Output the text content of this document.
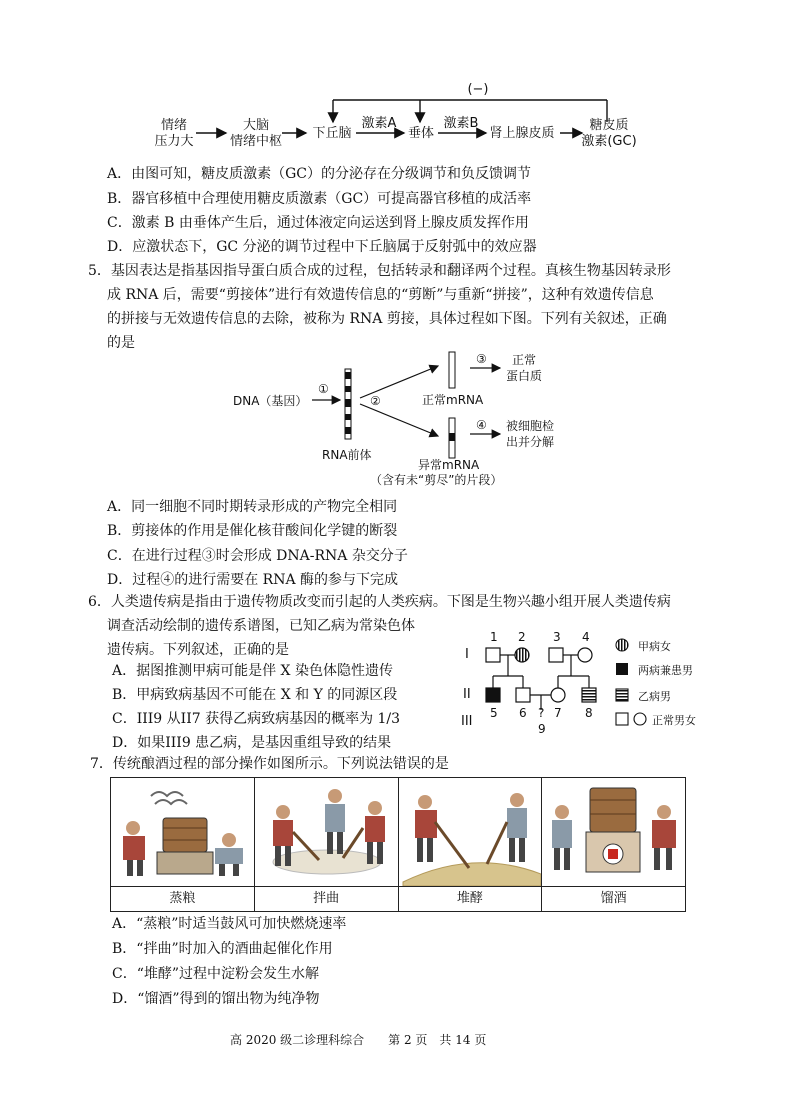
(−)
情绪
压力大
大脑
情绪中枢
下丘脑
激素A
垂体
激素B
肾上腺皮质
糖皮质
激素(GC)
A．由图可知，糖皮质激素（GC）的分泌存在分级调节和负反馈调节
B．器官移植中合理使用糖皮质激素（GC）可提高器官移植的成活率
C．激素 B 由垂体产生后，通过体液定向运送到肾上腺皮质发挥作用
D．应激状态下，GC 分泌的调节过程中下丘脑属于反射弧中的效应器
5．基因表达是指基因指导蛋白质合成的过程，包括转录和翻译两个过程。真核生物基因转录形
成 RNA 后，需要“剪接体”进行有效遗传信息的“剪断”与重新“拼接”，这种有效遗传信息
的拼接与无效遗传信息的去除，被称为 RNA 剪接，具体过程如下图。下列有关叙述，正确
的是
DNA（基因）
①
②
③
④
RNA前体
正常mRNA
正常
蛋白质
异常mRNA
（含有未“剪尽”的片段）
被细胞检
出并分解
A．同一细胞不同时期转录形成的产物完全相同
B．剪接体的作用是催化核苷酸间化学键的断裂
C．在进行过程③时会形成 DNA-RNA 杂交分子
D．过程④的进行需要在 RNA 酶的参与下完成
6．人类遗传病是指由于遗传物质改变而引起的人类疾病。下图是生物兴趣小组开展人类遗传病
调查活动绘制的遗传系谱图，已知乙病为常染色体
遗传病。下列叙述，正确的是
A．据图推测甲病可能是伴 X 染色体隐性遗传
B．甲病致病基因不可能在 X 和 Y 的同源区段
C．III9 从II7 获得乙病致病基因的概率为 1/3
D．如果III9 患乙病，是基因重组导致的结果
I
II
III
1 2 3 4
5 6 ? 7 8
9
甲病女
两病兼患男
乙病男
正常男女
7．传统酿酒过程的部分操作如图所示。下列说法错误的是
蒸粮	拌曲	堆酵	馏酒
A．“蒸粮”时适当鼓风可加快燃烧速率
B．“拌曲”时加入的酒曲起催化作用
C．“堆酵”过程中淀粉会发生水解
D．“馏酒”得到的馏出物为纯净物
高 2020 级二诊理科综合　　第 2 页　共 14 页
